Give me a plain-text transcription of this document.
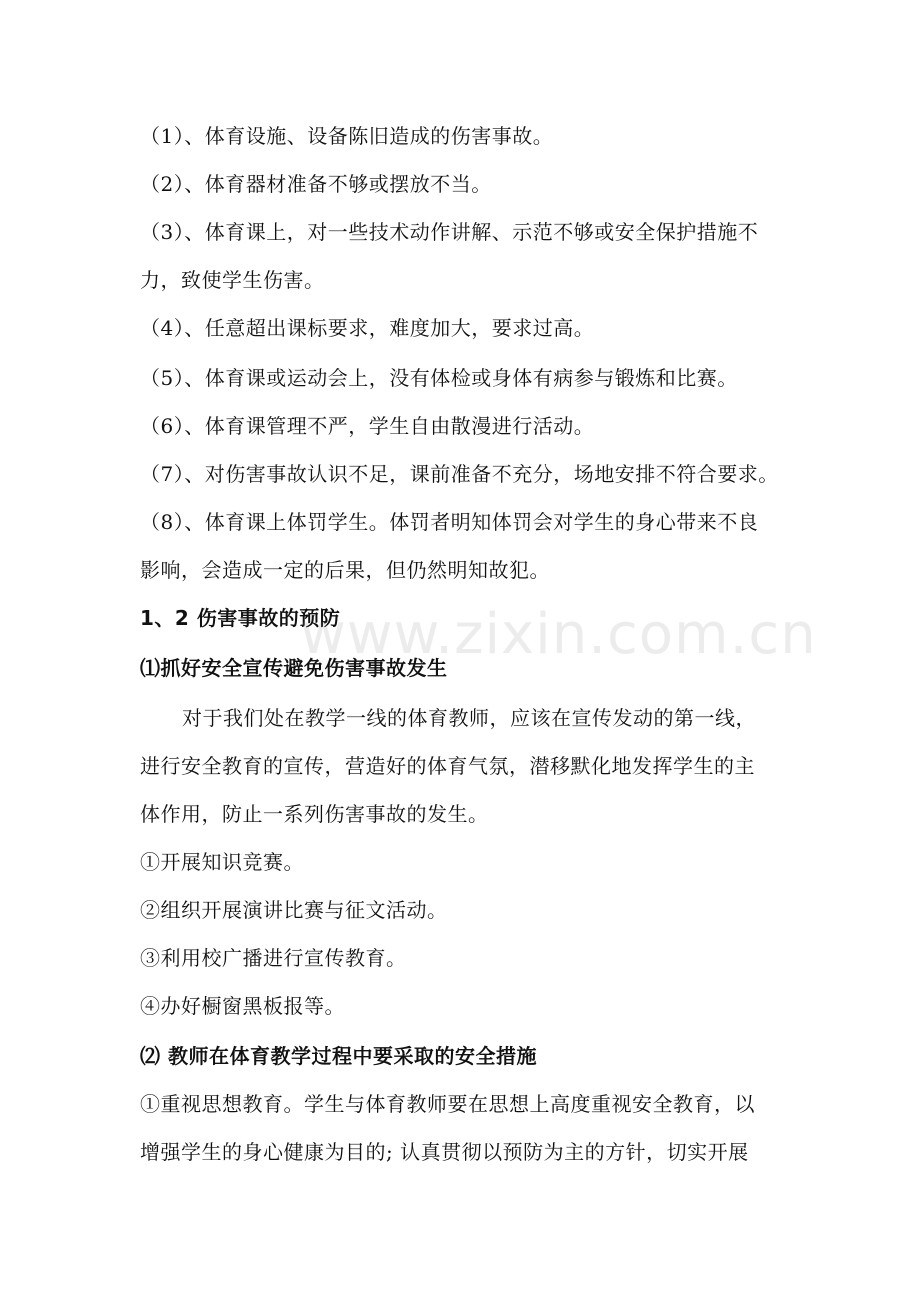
（1）、体育设施、设备陈旧造成的伤害事故。
（2）、体育器材准备不够或摆放不当。
（3）、体育课上，对一些技术动作讲解、示范不够或安全保护措施不
力，致使学生伤害。
（4）、任意超出课标要求，难度加大，要求过高。
（5）、体育课或运动会上，没有体检或身体有病参与锻炼和比赛。
（6）、体育课管理不严，学生自由散漫进行活动。
（7）、对伤害事故认识不足，课前准备不充分，场地安排不符合要求。
（8）、体育课上体罚学生。体罚者明知体罚会对学生的身心带来不良
影响，会造成一定的后果，但仍然明知故犯。
1、2 伤害事故的预防
⑴抓好安全宣传避免伤害事故发生
对于我们处在教学一线的体育教师，应该在宣传发动的第一线，
进行安全教育的宣传，营造好的体育气氛，潜移默化地发挥学生的主
体作用，防止一系列伤害事故的发生。
①开展知识竞赛。
②组织开展演讲比赛与征文活动。
③利用校广播进行宣传教育。
④办好橱窗黑板报等。
⑵ 教师在体育教学过程中要采取的安全措施
①重视思想教育。学生与体育教师要在思想上高度重视安全教育，以
增强学生的身心健康为目的; 认真贯彻以预防为主的方针，切实开展
www.zixin.com.cn
